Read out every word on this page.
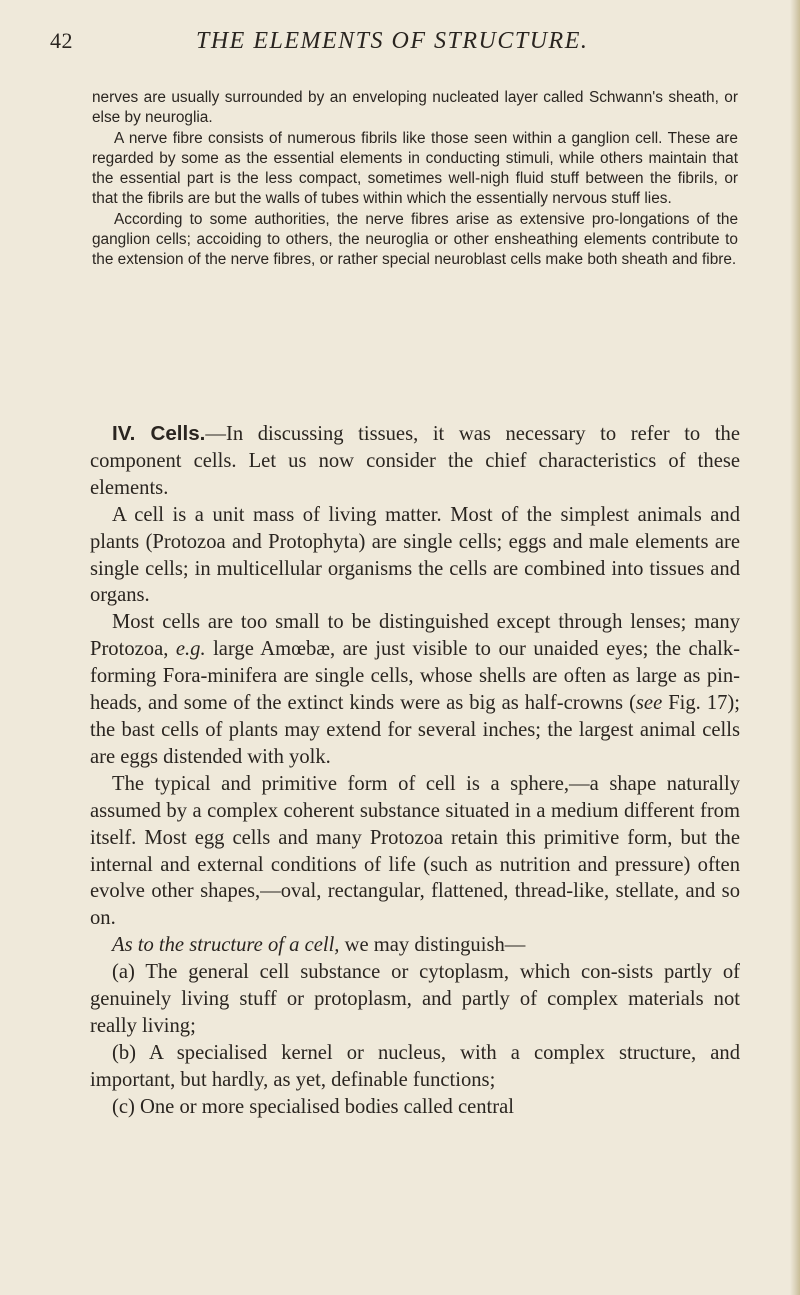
42	THE ELEMENTS OF STRUCTURE.

nerves are usually surrounded by an enveloping nucleated layer called Schwann's sheath, or else by neuroglia.

A nerve fibre consists of numerous fibrils like those seen within a ganglion cell. These are regarded by some as the essential elements in conducting stimuli, while others maintain that the essential part is the less compact, sometimes well-nigh fluid stuff between the fibrils, or that the fibrils are but the walls of tubes within which the essentially nervous stuff lies.

According to some authorities, the nerve fibres arise as extensive pro-longations of the ganglion cells; accoiding to others, the neuroglia or other ensheathing elements contribute to the extension of the nerve fibres, or rather special neuroblast cells make both sheath and fibre.

IV. Cells.—In discussing tissues, it was necessary to refer to the component cells. Let us now consider the chief characteristics of these elements.

A cell is a unit mass of living matter. Most of the simplest animals and plants (Protozoa and Protophyta) are single cells; eggs and male elements are single cells; in multicellular organisms the cells are combined into tissues and organs.

Most cells are too small to be distinguished except through lenses; many Protozoa, e.g. large Amœbæ, are just visible to our unaided eyes; the chalk-forming Fora-minifera are single cells, whose shells are often as large as pin-heads, and some of the extinct kinds were as big as half-crowns (see Fig. 17); the bast cells of plants may extend for several inches; the largest animal cells are eggs distended with yolk.

The typical and primitive form of cell is a sphere,—a shape naturally assumed by a complex coherent substance situated in a medium different from itself. Most egg cells and many Protozoa retain this primitive form, but the internal and external conditions of life (such as nutrition and pressure) often evolve other shapes,—oval, rectangular, flattened, thread-like, stellate, and so on.

As to the structure of a cell, we may distinguish—

(a) The general cell substance or cytoplasm, which con-sists partly of genuinely living stuff or protoplasm, and partly of complex materials not really living;

(b) A specialised kernel or nucleus, with a complex structure, and important, but hardly, as yet, definable functions;

(c) One or more specialised bodies called central
